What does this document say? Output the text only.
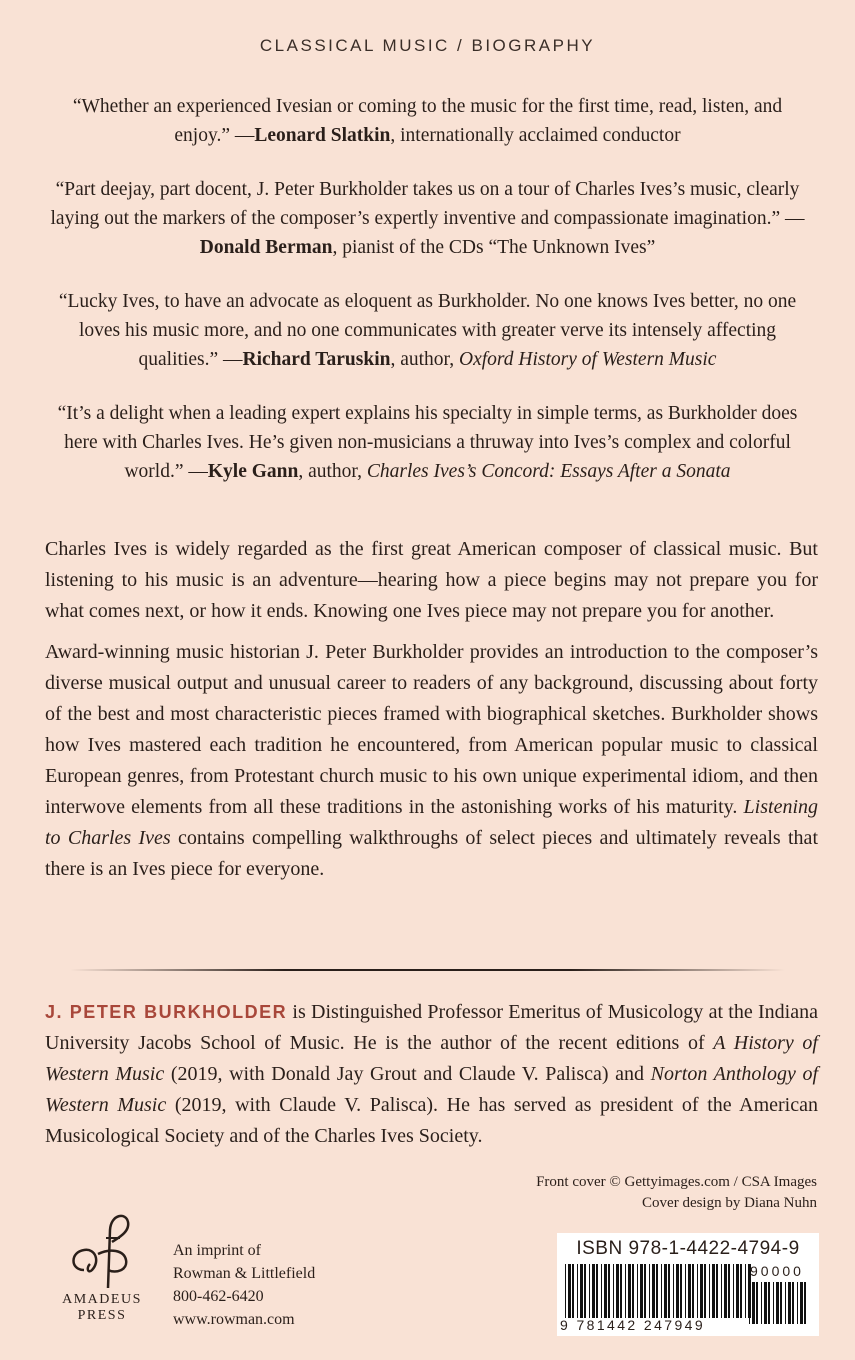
CLASSICAL MUSIC / BIOGRAPHY

“Whether an experienced Ivesian or coming to the music for the first time, read, listen, and enjoy.” —Leonard Slatkin, internationally acclaimed conductor

“Part deejay, part docent, J. Peter Burkholder takes us on a tour of Charles Ives’s music, clearly laying out the markers of the composer’s expertly inventive and compassionate imagination.” —Donald Berman, pianist of the CDs “The Unknown Ives”

“Lucky Ives, to have an advocate as eloquent as Burkholder. No one knows Ives better, no one loves his music more, and no one communicates with greater verve its intensely affecting qualities.” —Richard Taruskin, author, Oxford History of Western Music

“It’s a delight when a leading expert explains his specialty in simple terms, as Burkholder does here with Charles Ives. He’s given non-musicians a thruway into Ives’s complex and colorful world.” —Kyle Gann, author, Charles Ives’s Concord: Essays After a Sonata

Charles Ives is widely regarded as the first great American composer of classical music. But listening to his music is an adventure—hearing how a piece begins may not prepare you for what comes next, or how it ends. Knowing one Ives piece may not prepare you for another.

Award-winning music historian J. Peter Burkholder provides an introduction to the composer’s diverse musical output and unusual career to readers of any background, discussing about forty of the best and most characteristic pieces framed with biographical sketches. Burkholder shows how Ives mastered each tradition he encountered, from American popular music to classical European genres, from Protestant church music to his own unique experimental idiom, and then interwove elements from all these traditions in the astonishing works of his maturity. Listening to Charles Ives contains compelling walkthroughs of select pieces and ultimately reveals that there is an Ives piece for everyone.

J. PETER BURKHOLDER is Distinguished Professor Emeritus of Musicology at the Indiana University Jacobs School of Music. He is the author of the recent editions of A History of Western Music (2019, with Donald Jay Grout and Claude V. Palisca) and Norton Anthology of Western Music (2019, with Claude V. Palisca). He has served as president of the American Musicological Society and of the Charles Ives Society.
Front cover © Gettyimages.com / CSA Images
Cover design by Diana Nuhn
AMADEUS
PRESS
An imprint of
Rowman & Littlefield
800-462-6420
www.rowman.com
ISBN 978-1-4422-4794-9
90000
9 781442 247949
